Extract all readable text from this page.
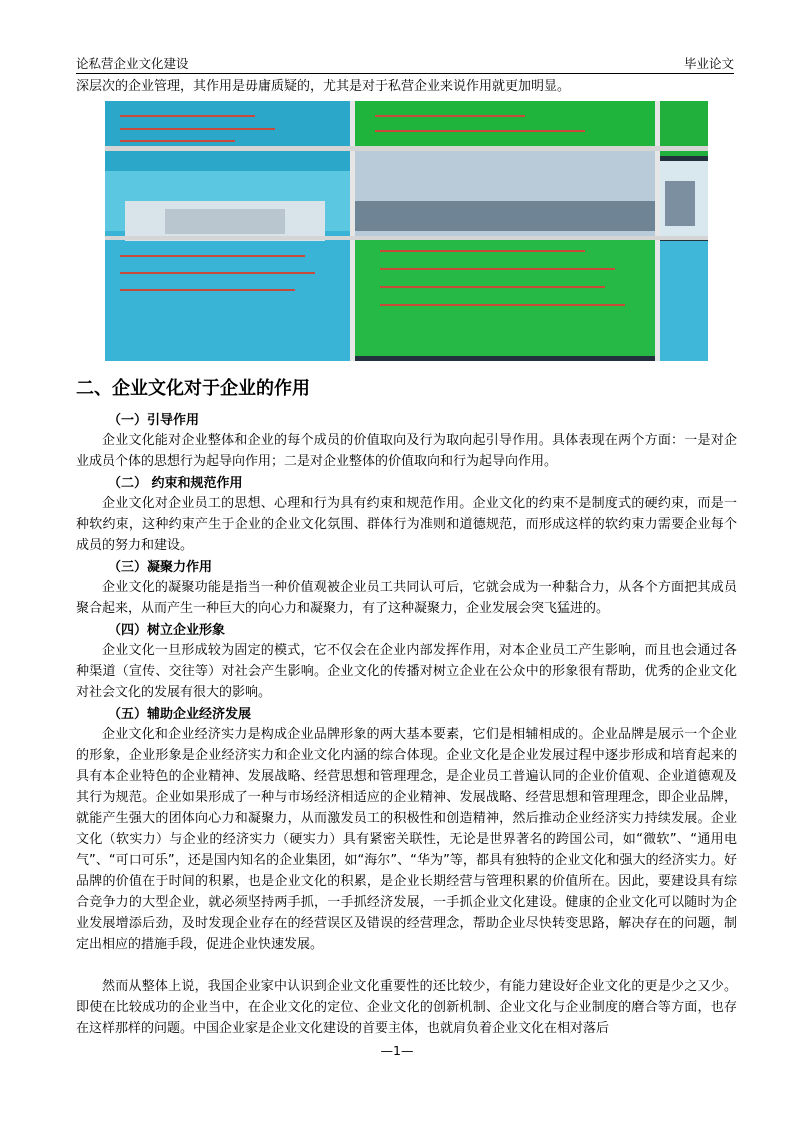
论私营企业文化建设	毕业论文
深层次的企业管理，其作用是毋庸质疑的，尤其是对于私营企业来说作用就更加明显。
二、企业文化对于企业的作用
（一）引导作用
企业文化能对企业整体和企业的每个成员的价值取向及行为取向起引导作用。具体表现在两个方面：一是对企业成员个体的思想行为起导向作用；二是对企业整体的价值取向和行为起导向作用。
（二） 约束和规范作用
企业文化对企业员工的思想、心理和行为具有约束和规范作用。企业文化的约束不是制度式的硬约束，而是一种软约束，这种约束产生于企业的企业文化氛围、群体行为准则和道德规范，而形成这样的软约束力需要企业每个成员的努力和建设。
（三）凝聚力作用
企业文化的凝聚功能是指当一种价值观被企业员工共同认可后，它就会成为一种黏合力，从各个方面把其成员聚合起来，从而产生一种巨大的向心力和凝聚力，有了这种凝聚力，企业发展会突飞猛进的。
（四）树立企业形象
企业文化一旦形成较为固定的模式，它不仅会在企业内部发挥作用，对本企业员工产生影响，而且也会通过各种渠道（宣传、交往等）对社会产生影响。企业文化的传播对树立企业在公众中的形象很有帮助，优秀的企业文化对社会文化的发展有很大的影响。
（五）辅助企业经济发展
企业文化和企业经济实力是构成企业品牌形象的两大基本要素，它们是相辅相成的。企业品牌是展示一个企业的形象，企业形象是企业经济实力和企业文化内涵的综合体现。企业文化是企业发展过程中逐步形成和培育起来的具有本企业特色的企业精神、发展战略、经营思想和管理理念，是企业员工普遍认同的企业价值观、企业道德观及其行为规范。企业如果形成了一种与市场经济相适应的企业精神、发展战略、经营思想和管理理念，即企业品牌，就能产生强大的团体向心力和凝聚力，从而激发员工的积极性和创造精神，然后推动企业经济实力持续发展。企业文化（软实力）与企业的经济实力（硬实力）具有紧密关联性，无论是世界著名的跨国公司，如“微软”、“通用电气”、“可口可乐”，还是国内知名的企业集团，如“海尔”、“华为”等，都具有独特的企业文化和强大的经济实力。好品牌的价值在于时间的积累，也是企业文化的积累，是企业长期经营与管理积累的价值所在。因此，要建设具有综合竞争力的大型企业，就必须坚持两手抓，一手抓经济发展，一手抓企业文化建设。健康的企业文化可以随时为企业发展增添后劲，及时发现企业存在的经营误区及错误的经营理念，帮助企业尽快转变思路，解决存在的问题，制定出相应的措施手段，促进企业快速发展。
然而从整体上说，我国企业家中认识到企业文化重要性的还比较少，有能力建设好企业文化的更是少之又少。即使在比较成功的企业当中，在企业文化的定位、企业文化的创新机制、企业文化与企业制度的磨合等方面，也存在这样那样的问题。中国企业家是企业文化建设的首要主体，也就肩负着企业文化在相对落后
—1—
